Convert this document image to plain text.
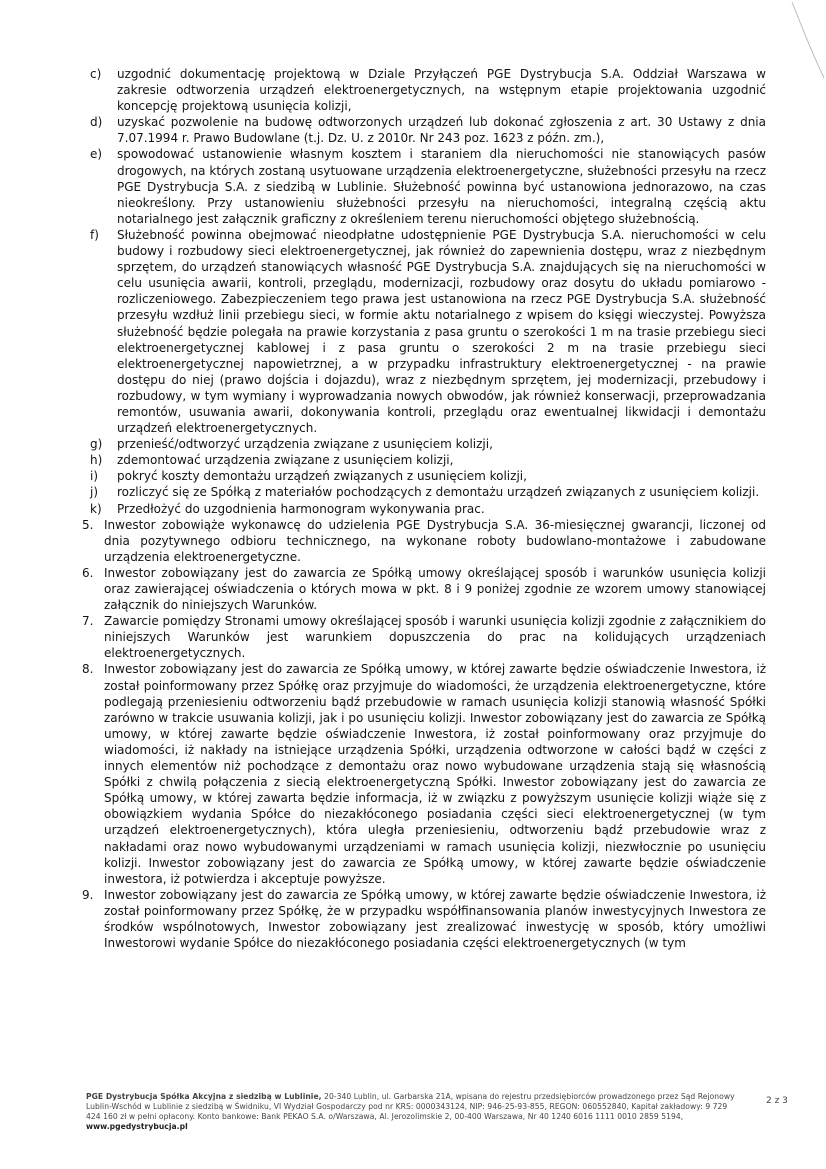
c) uzgodnić dokumentację projektową w Dziale Przyłączeń PGE Dystrybucja S.A. Oddział Warszawa w zakresie odtworzenia urządzeń elektroenergetycznych, na wstępnym etapie projektowania uzgodnić koncepcję projektową usunięcia kolizji,
d) uzyskać pozwolenie na budowę odtworzonych urządzeń lub dokonać zgłoszenia z art. 30 Ustawy z dnia 7.07.1994 r. Prawo Budowlane (t.j. Dz. U. z 2010r. Nr 243 poz. 1623 z późn. zm.),
e) spowodować ustanowienie własnym kosztem i staraniem dla nieruchomości nie stanowiących pasów drogowych, na których zostaną usytuowane urządzenia elektroenergetyczne, służebności przesyłu na rzecz PGE Dystrybucja S.A. z siedzibą w Lublinie. Służebność powinna być ustanowiona jednorazowo, na czas nieokreślony. Przy ustanowieniu służebności przesyłu na nieruchomości, integralną częścią aktu notarialnego jest załącznik graficzny z określeniem terenu nieruchomości objętego służebnością.
f) Służebność powinna obejmować nieodpłatne udostępnienie PGE Dystrybucja S.A. nieruchomości w celu budowy i rozbudowy sieci elektroenergetycznej, jak również do zapewnienia dostępu, wraz z niezbędnym sprzętem, do urządzeń stanowiących własność PGE Dystrybucja S.A. znajdujących się na nieruchomości w celu usunięcia awarii, kontroli, przeglądu, modernizacji, rozbudowy oraz dosytu do układu pomiarowo - rozliczeniowego. Zabezpieczeniem tego prawa jest ustanowiona na rzecz PGE Dystrybucja S.A. służebność przesyłu wzdłuż linii przebiegu sieci, w formie aktu notarialnego z wpisem do księgi wieczystej. Powyższa służebność będzie polegała na prawie korzystania z pasa gruntu o szerokości 1 m na trasie przebiegu sieci elektroenergetycznej kablowej i z pasa gruntu o szerokości 2 m na trasie przebiegu sieci elektroenergetycznej napowietrznej, a w przypadku infrastruktury elektroenergetycznej - na prawie dostępu do niej (prawo dojścia i dojazdu), wraz z niezbędnym sprzętem, jej modernizacji, przebudowy i rozbudowy, w tym wymiany i wyprowadzania nowych obwodów, jak również konserwacji, przeprowadzania remontów, usuwania awarii, dokonywania kontroli, przeglądu oraz ewentualnej likwidacji i demontażu urządzeń elektroenergetycznych.
g) przenieść/odtworzyć urządzenia związane z usunięciem kolizji,
h) zdemontować urządzenia związane z usunięciem kolizji,
i) pokryć koszty demontażu urządzeń związanych z usunięciem kolizji,
j) rozliczyć się ze Spółką z materiałów pochodzących z demontażu urządzeń związanych z usunięciem kolizji.
k) Przedłożyć do uzgodnienia harmonogram wykonywania prac.
5. Inwestor zobowiąże wykonawcę do udzielenia PGE Dystrybucja S.A. 36-miesięcznej gwarancji, liczonej od dnia pozytywnego odbioru technicznego, na wykonane roboty budowlano-montażowe i zabudowane urządzenia elektroenergetyczne.
6. Inwestor zobowiązany jest do zawarcia ze Spółką umowy określającej sposób i warunków usunięcia kolizji oraz zawierającej oświadczenia o których mowa w pkt. 8 i 9 poniżej zgodnie ze wzorem umowy stanowiącej załącznik do niniejszych Warunków.
7. Zawarcie pomiędzy Stronami umowy określającej sposób i warunki usunięcia kolizji zgodnie z załącznikiem do niniejszych Warunków jest warunkiem dopuszczenia do prac na kolidujących urządzeniach elektroenergetycznych.
8. Inwestor zobowiązany jest do zawarcia ze Spółką umowy, w której zawarte będzie oświadczenie Inwestora, iż został poinformowany przez Spółkę oraz przyjmuje do wiadomości, że urządzenia elektroenergetyczne, które podlegają przeniesieniu odtworzeniu bądź przebudowie w ramach usunięcia kolizji stanowią własność Spółki zarówno w trakcie usuwania kolizji, jak i po usunięciu kolizji. Inwestor zobowiązany jest do zawarcia ze Spółką umowy, w której zawarte będzie oświadczenie Inwestora, iż został poinformowany oraz przyjmuje do wiadomości, iż nakłady na istniejące urządzenia Spółki, urządzenia odtworzone w całości bądź w części z innych elementów niż pochodzące z demontażu oraz nowo wybudowane urządzenia stają się własnością Spółki z chwilą połączenia z siecią elektroenergetyczną Spółki. Inwestor zobowiązany jest do zawarcia ze Spółką umowy, w której zawarta będzie informacja, iż w związku z powyższym usunięcie kolizji wiąże się z obowiązkiem wydania Spółce do niezakłóconego posiadania części sieci elektroenergetycznej (w tym urządzeń elektroenergetycznych), która uległa przeniesieniu, odtworzeniu bądź przebudowie wraz z nakładami oraz nowo wybudowanymi urządzeniami w ramach usunięcia kolizji, niezwłocznie po usunięciu kolizji. Inwestor zobowiązany jest do zawarcia ze Spółką umowy, w której zawarte będzie oświadczenie inwestora, iż potwierdza i akceptuje powyższe.
9. Inwestor zobowiązany jest do zawarcia ze Spółką umowy, w której zawarte będzie oświadczenie Inwestora, iż został poinformowany przez Spółkę, że w przypadku współfinansowania planów inwestycyjnych Inwestora ze środków wspólnotowych, Inwestor zobowiązany jest zrealizować inwestycję w sposób, który umożliwi Inwestorowi wydanie Spółce do niezakłóconego posiadania części elektroenergetycznych (w tym
PGE Dystrybucja Spółka Akcyjna z siedzibą w Lublinie, 20-340 Lublin, ul. Garbarska 21A, wpisana do rejestru przedsiębiorców prowadzonego przez Sąd Rejonowy Lublin-Wschód w Lublinie z siedzibą w Świdniku, VI Wydział Gospodarczy pod nr KRS: 0000343124, NIP: 946-25-93-855, REGON: 060552840, Kapitał zakładowy: 9 729 424 160 zł w pełni opłacony. Konto bankowe: Bank PEKAO S.A. o/Warszawa, Al. Jerozolimskie 2, 00-400 Warszawa, Nr 40 1240 6016 1111 0010 2859 5194, www.pgedystrybucja.pl
2 z 3
